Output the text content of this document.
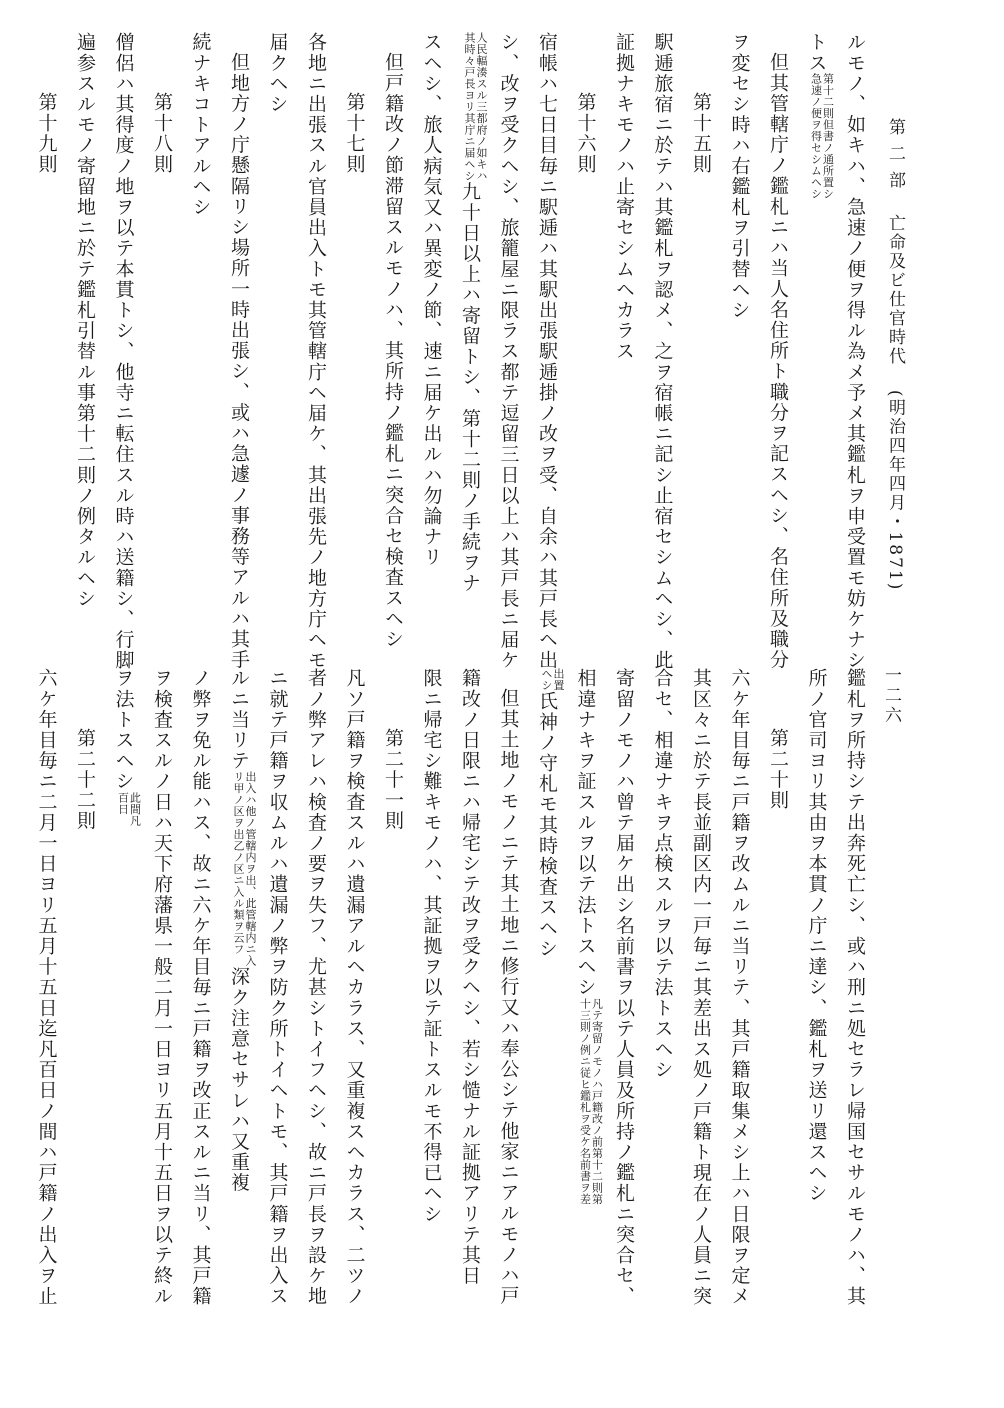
第 二 部亡命及ビ仕官時代(明治四年四月・1871)
一二六
ルモノ、如キハ、急速ノ便ヲ得ル為メ予メ其鑑札ヲ申受置モ妨ケナシ
トス
第十二則但書ノ通所置シ
急速ノ便ヲ得セシムヘシ
但其管轄庁ノ鑑札ニハ当人名住所ト職分ヲ記スヘシ、名住所及職分
ヲ変セシ時ハ右鑑札ヲ引替ヘシ
第十五則
駅逓旅宿ニ於テハ其鑑札ヲ認メ、之ヲ宿帳ニ記シ止宿セシムヘシ、此
証拠ナキモノハ止寄セシムヘカラス
第十六則
宿帳ハ七日目毎ニ駅逓ハ其駅出張駅逓掛ノ改ヲ受、自余ハ其戸長ヘ出
シ、改ヲ受クヘシ、旅籠屋ニ限ラス都テ逗留三日以上ハ其戸長ニ届ケ
人民輻湊スル三都府ノ如キハ
其時々戸長ヨリ其庁ニ届ヘシ
九十日以上ハ寄留トシ、第十二則ノ手続ヲナ
スヘシ、旅人病気又ハ異変ノ節、速ニ届ケ出ルハ勿論ナリ
但戸籍改ノ節滞留スルモノハ、其所持ノ鑑札ニ突合セ検査スヘシ
第十七則
各地ニ出張スル官員出入トモ其管轄庁ヘ届ケ、其出張先ノ地方庁ヘモ
届クヘシ
但地方ノ庁懸隔リシ場所一時出張シ、或ハ急遽ノ事務等アルハ其手
続ナキコトアルヘシ
第十八則
僧侶ハ其得度ノ地ヲ以テ本貫トシ、他寺ニ転住スル時ハ送籍シ、行脚
遍参スルモノ寄留地ニ於テ鑑札引替ル事第十二則ノ例タルヘシ
第十九則
鑑札ヲ所持シテ出奔死亡シ、或ハ刑ニ処セラレ帰国セサルモノハ、其
所ノ官司ヨリ其由ヲ本貫ノ庁ニ達シ、鑑札ヲ送リ還スヘシ
第二十則
六ケ年目毎ニ戸籍ヲ改ムルニ当リテ、其戸籍取集メシ上ハ日限ヲ定メ
其区々ニ於テ長並副区内一戸毎ニ其差出ス処ノ戸籍ト現在ノ人員ニ突
合セ、相違ナキヲ点検スルヲ以テ法トスヘシ
寄留ノモノハ曾テ届ケ出シ名前書ヲ以テ人員及所持ノ鑑札ニ突合セ、
相違ナキヲ証スルヲ以テ法トスヘシ
凡テ寄留ノモノハ戸籍改ノ前第十二則第
十三則ノ例ニ従ヒ鑑札ヲ受ケ名前書ヲ差
出置
ヘシ
氏神ノ守札モ其時検査スヘシ
但其土地ノモノニテ其土地ニ修行又ハ奉公シテ他家ニアルモノハ戸
籍改ノ日限ニハ帰宅シテ改ヲ受クヘシ、若シ慥ナル証拠アリテ其日
限ニ帰宅シ難キモノハ、其証拠ヲ以テ証トスルモ不得已ヘシ
第二十一則
凡ソ戸籍ヲ検査スルハ遺漏アルヘカラス、又重複スヘカラス、二ツノ
者ノ弊アレハ検査ノ要ヲ失フ、尤甚シトイフヘシ、故ニ戸長ヲ設ケ地
ニ就テ戸籍ヲ収ムルハ遺漏ノ弊ヲ防ク所トイヘトモ、其戸籍ヲ出入ス
ルニ当リテ
出入ハ他ノ管轄内ヲ出、此管轄内ニ入
リ甲ノ区ヲ出乙ノ区ニ入ル類ヲ云フ
深ク注意セサレハ又重複
ノ弊ヲ免ル能ハス、故ニ六ケ年目毎ニ戸籍ヲ改正スルニ当リ、其戸籍
ヲ検査スルノ日ハ天下府藩県一般二月一日ヨリ五月十五日ヲ以テ終ル
ヲ法トスヘシ
此間凡
百日
第二十二則
六ケ年目毎ニ二月一日ヨリ五月十五日迄凡百日ノ間ハ戸籍ノ出入ヲ止
